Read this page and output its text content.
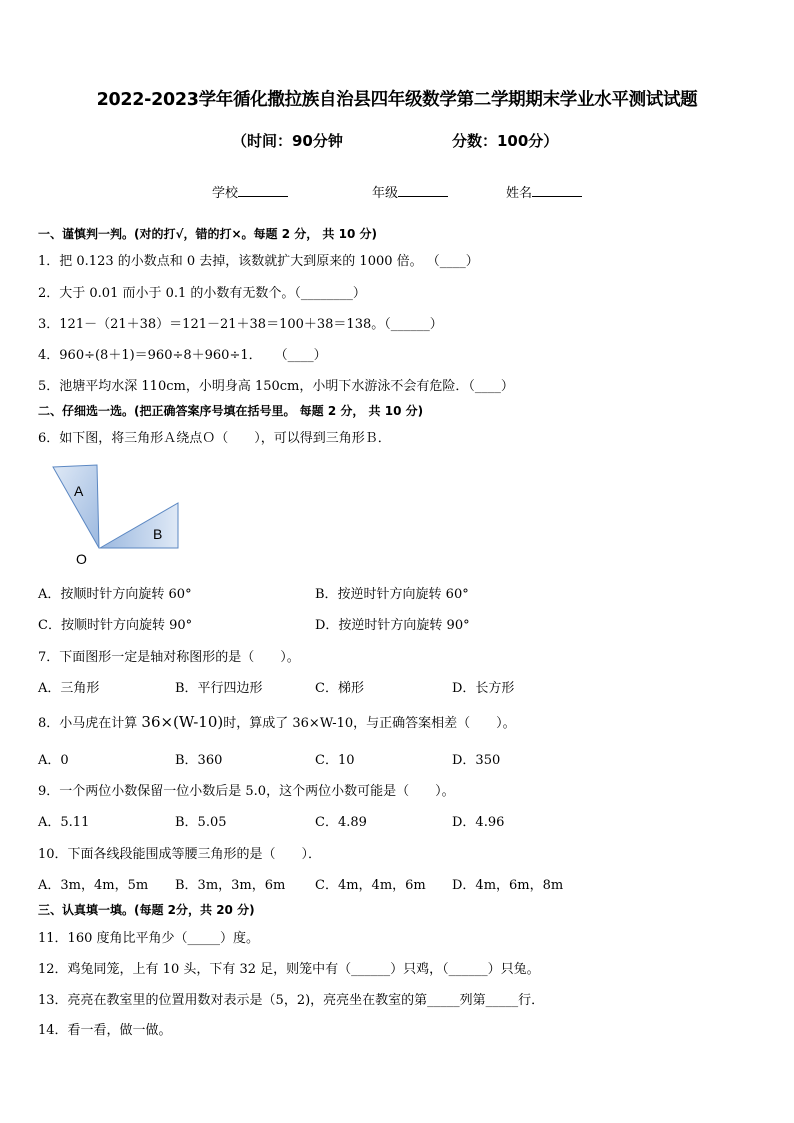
2022-2023学年循化撒拉族自治县四年级数学第二学期期末学业水平测试试题
（时间：90分钟	分数：100分）
学校	年级	姓名
一、谨慎判一判。(对的打√，错的打×。每题 2 分， 共 10 分)
1．把 0.123 的小数点和 0 去掉，该数就扩大到原来的 1000 倍。 （____）
2．大于 0.01 而小于 0.1 的小数有无数个。（________）
3．121－（21＋38）＝121－21＋38＝100＋38＝138。（______）
4．960÷(8＋1)＝960÷8＋960÷1．　　（____）
5．池塘平均水深 110cm，小明身高 150cm，小明下水游泳不会有危险．（____）
二、仔细选一选。(把正确答案序号填在括号里。 每题 2 分， 共 10 分)
6．如下图，将三角形Ａ绕点Ｏ（　　），可以得到三角形Ｂ．
A
B
O
A．按顺时针方向旋转 60°	B．按逆时针方向旋转 60°
C．按顺时针方向旋转 90°	D．按逆时针方向旋转 90°
7．下面图形一定是轴对称图形的是（　　）。
A．三角形	B．平行四边形	C．梯形	D．长方形
8．小马虎在计算 36×(W-10)时，算成了 36×W-10，与正确答案相差（　　）。
A．0	B．360	C．10	D．350
9．一个两位小数保留一位小数后是 5.0，这个两位小数可能是（　　）。
A．5.11	B．5.05	C．4.89	D．4.96
10．下面各线段能围成等腰三角形的是（　　）．
A．3m，4m，5m B．3m，3m，6m C．4m，4m，6m D．4m，6m，8m
三、认真填一填。(每题 2分，共 20 分)
11．160 度角比平角少（_____）度。
12．鸡兔同笼，上有 10 头，下有 32 足，则笼中有（______）只鸡，（______）只兔。
13．亮亮在教室里的位置用数对表示是（5，2)，亮亮坐在教室的第_____列第_____行．
14．看一看，做一做。
